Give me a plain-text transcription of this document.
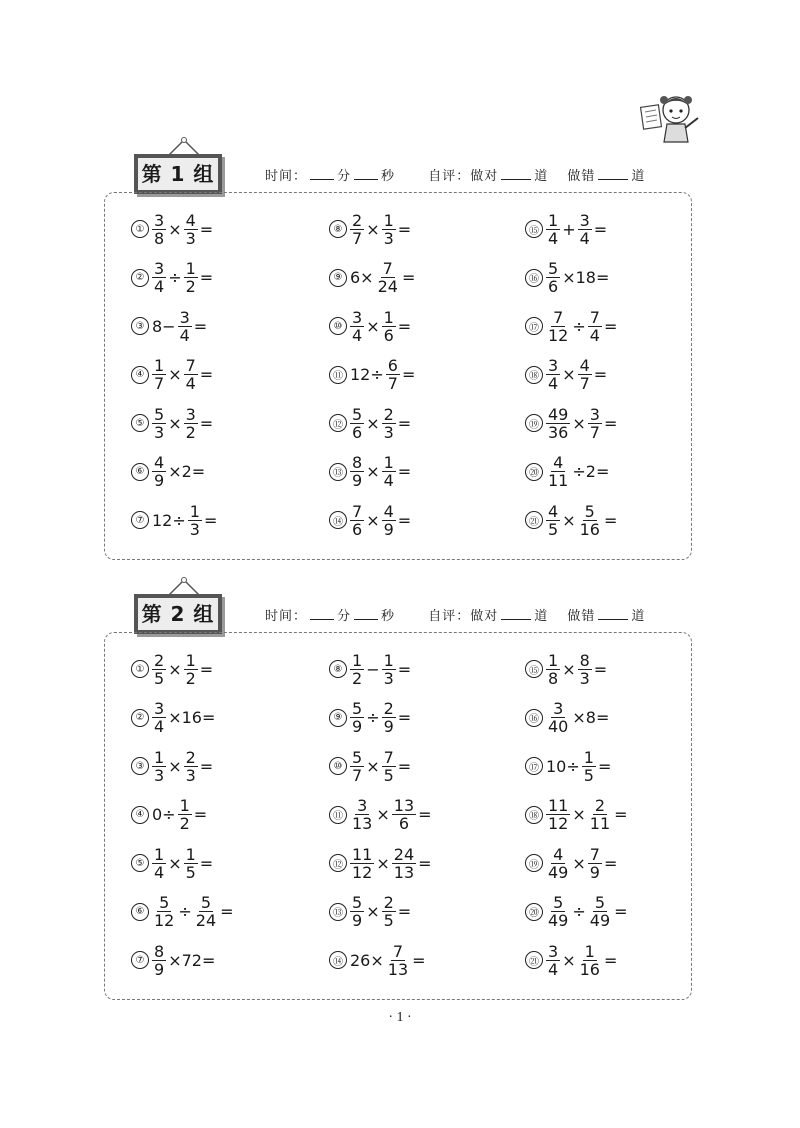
第 1 组	时间： 分 秒	自评：做对	道 做错	道
① $\frac{3}{8} \times \frac{4}{3}$ =
② $\frac{3}{4} \div \frac{1}{2}$ =
③ $8- \frac{3}{4}$ =
④ $\frac{1}{7} \times \frac{7}{4}$ =
⑤ $\frac{5}{3} \times \frac{3}{2}$ =
⑥ $\frac{4}{9} \times 2=$
⑦ $12\div \frac{1}{3}$ =
⑧ $\frac{2}{7} \times \frac{1}{3}$ =
⑨ $6\times \frac{7}{24}$ =
⑩ $\frac{3}{4} \times \frac{1}{6}$ =
⑪ $12\div \frac{6}{7}$ =
⑫ $\frac{5}{6} \times \frac{2}{3}$ =
⑬ $\frac{8}{9} \times \frac{1}{4}$ =
⑭ $\frac{7}{6} \times \frac{4}{9}$ =
⑮ $\frac{1}{4} + \frac{3}{4}$ =
⑯ $\frac{5}{6} \times 18=$
⑰ $\frac{7}{12} \div \frac{7}{4}$ =
⑱ $\frac{3}{4} \times \frac{4}{7}$ =
⑲ $\frac{49}{36} \times \frac{3}{7}$ =
⑳ $\frac{4}{11} \div 2=$
㉑ $\frac{4}{5} \times \frac{5}{16}$ =
第 2 组	时间： 分 秒	自评：做对	道 做错	道
① $\frac{2}{5} \times \frac{1}{2}$ =
② $\frac{3}{4} \times 16=$
③ $\frac{1}{3} \times \frac{2}{3}$ =
④ $0\div \frac{1}{2}$ =
⑤ $\frac{1}{4} \times \frac{1}{5}$ =
⑥ $\frac{5}{12} \div \frac{5}{24}$ =
⑦ $\frac{8}{9} \times 72=$
⑧ $\frac{1}{2} - \frac{1}{3}$ =
⑨ $\frac{5}{9} \div \frac{2}{9}$ =
⑩ $\frac{5}{7} \times \frac{7}{5}$ =
⑪ $\frac{3}{13} \times \frac{13}{6}$ =
⑫ $\frac{11}{12} \times \frac{24}{13}$ =
⑬ $\frac{5}{9} \times \frac{2}{5}$ =
⑭ $26\times \frac{7}{13}$ =
⑮ $\frac{1}{8} \times \frac{8}{3}$ =
⑯ $\frac{3}{40} \times 8=$
⑰ $10\div \frac{1}{5}$ =
⑱ $\frac{11}{12} \times \frac{2}{11}$ =
⑲ $\frac{4}{49} \times \frac{7}{9}$ =
⑳ $\frac{5}{49} \div \frac{5}{49}$ =
㉑ $\frac{3}{4} \times \frac{1}{16}$ =
· 1 ·
